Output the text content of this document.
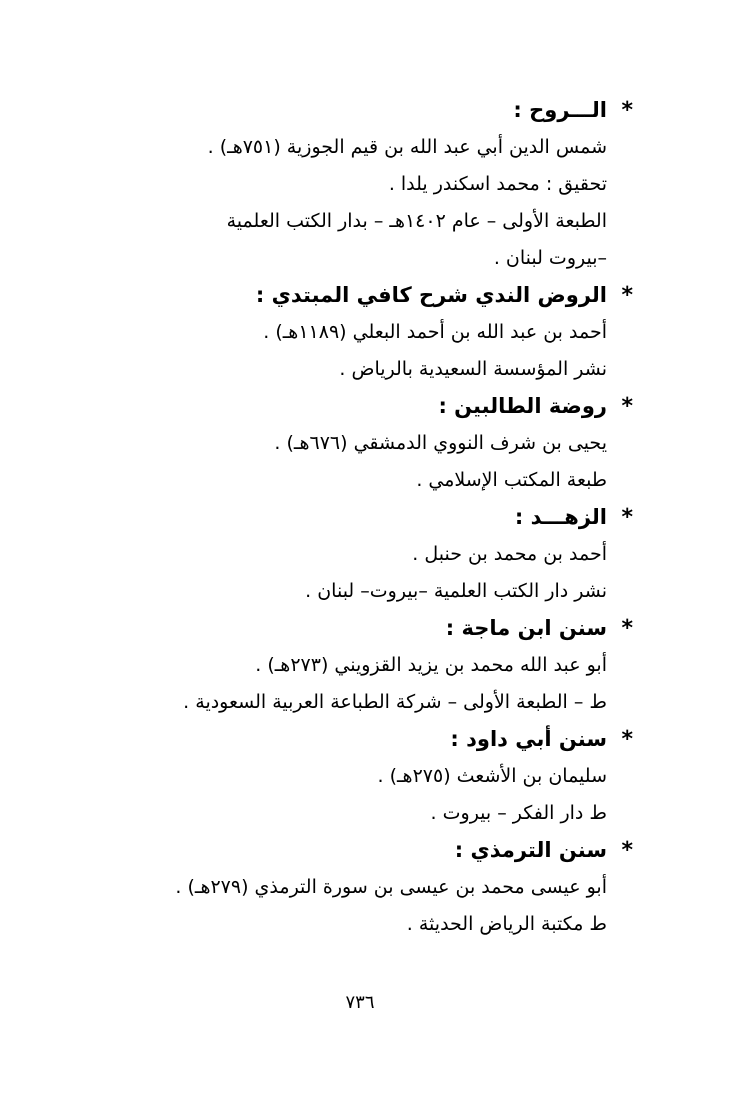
*الـــروح :
شمس الدين أبي عبد الله بن قيم الجوزية (٧٥١هـ) .
تحقيق : محمد اسكندر يلدا .
الطبعة الأولى – عام ١٤٠٢هـ – بدار الكتب العلمية
–بيروت لبنان .
*الروض الندي شرح كافي المبتدي :
أحمد بن عبد الله بن أحمد البعلي (١١٨٩هـ) .
نشر المؤسسة السعيدية بالرياض .
*روضة الطالبين :
يحيى بن شرف النووي الدمشقي (٦٧٦هـ) .
طبعة المكتب الإسلامي .
*الزهـــد :
أحمد بن محمد بن حنبل .
نشر دار الكتب العلمية –بيروت– لبنان .
*سنن ابن ماجة :
أبو عبد الله محمد بن يزيد القزويني (٢٧٣هـ) .
ط – الطبعة الأولى – شركة الطباعة العربية السعودية .
*سنن أبي داود :
سليمان بن الأشعث (٢٧٥هـ) .
ط دار الفكر – بيروت .
*سنن الترمذي :
أبو عيسى محمد بن عيسى بن سورة الترمذي (٢٧٩هـ) .
ط مكتبة الرياض الحديثة .
٧٣٦
